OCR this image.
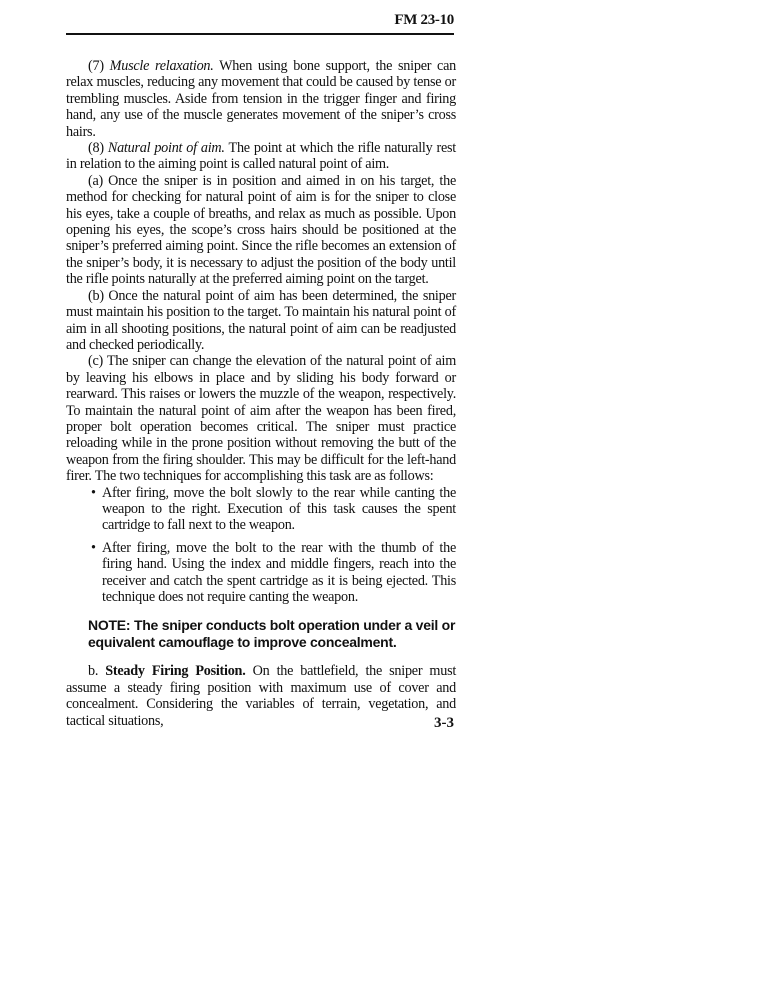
FM 23-10

(7) Muscle relaxation. When using bone support, the sniper can relax muscles, reducing any movement that could be caused by tense or trembling muscles. Aside from tension in the trigger finger and firing hand, any use of the muscle generates movement of the sniper’s cross hairs.

(8) Natural point of aim. The point at which the rifle naturally rest in relation to the aiming point is called natural point of aim.

(a) Once the sniper is in position and aimed in on his target, the method for checking for natural point of aim is for the sniper to close his eyes, take a couple of breaths, and relax as much as possible. Upon opening his eyes, the scope’s cross hairs should be positioned at the sniper’s preferred aiming point. Since the rifle becomes an extension of the sniper’s body, it is necessary to adjust the position of the body until the rifle points naturally at the preferred aiming point on the target.

(b) Once the natural point of aim has been determined, the sniper must maintain his position to the target. To maintain his natural point of aim in all shooting positions, the natural point of aim can be readjusted and checked periodically.

(c) The sniper can change the elevation of the natural point of aim by leaving his elbows in place and by sliding his body forward or rearward. This raises or lowers the muzzle of the weapon, respectively. To maintain the natural point of aim after the weapon has been fired, proper bolt operation becomes critical. The sniper must practice reloading while in the prone position without removing the butt of the weapon from the firing shoulder. This may be difficult for the left-hand firer. The two techniques for accomplishing this task are as follows:

• After firing, move the bolt slowly to the rear while canting the weapon to the right. Execution of this task causes the spent cartridge to fall next to the weapon.
• After firing, move the bolt to the rear with the thumb of the firing hand. Using the index and middle fingers, reach into the receiver and catch the spent cartridge as it is being ejected. This technique does not require canting the weapon.
NOTE: The sniper conducts bolt operation under a veil or equivalent camouflage to improve concealment.

b. Steady Firing Position. On the battlefield, the sniper must assume a steady firing position with maximum use of cover and concealment. Considering the variables of terrain, vegetation, and tactical situations,	3-3
